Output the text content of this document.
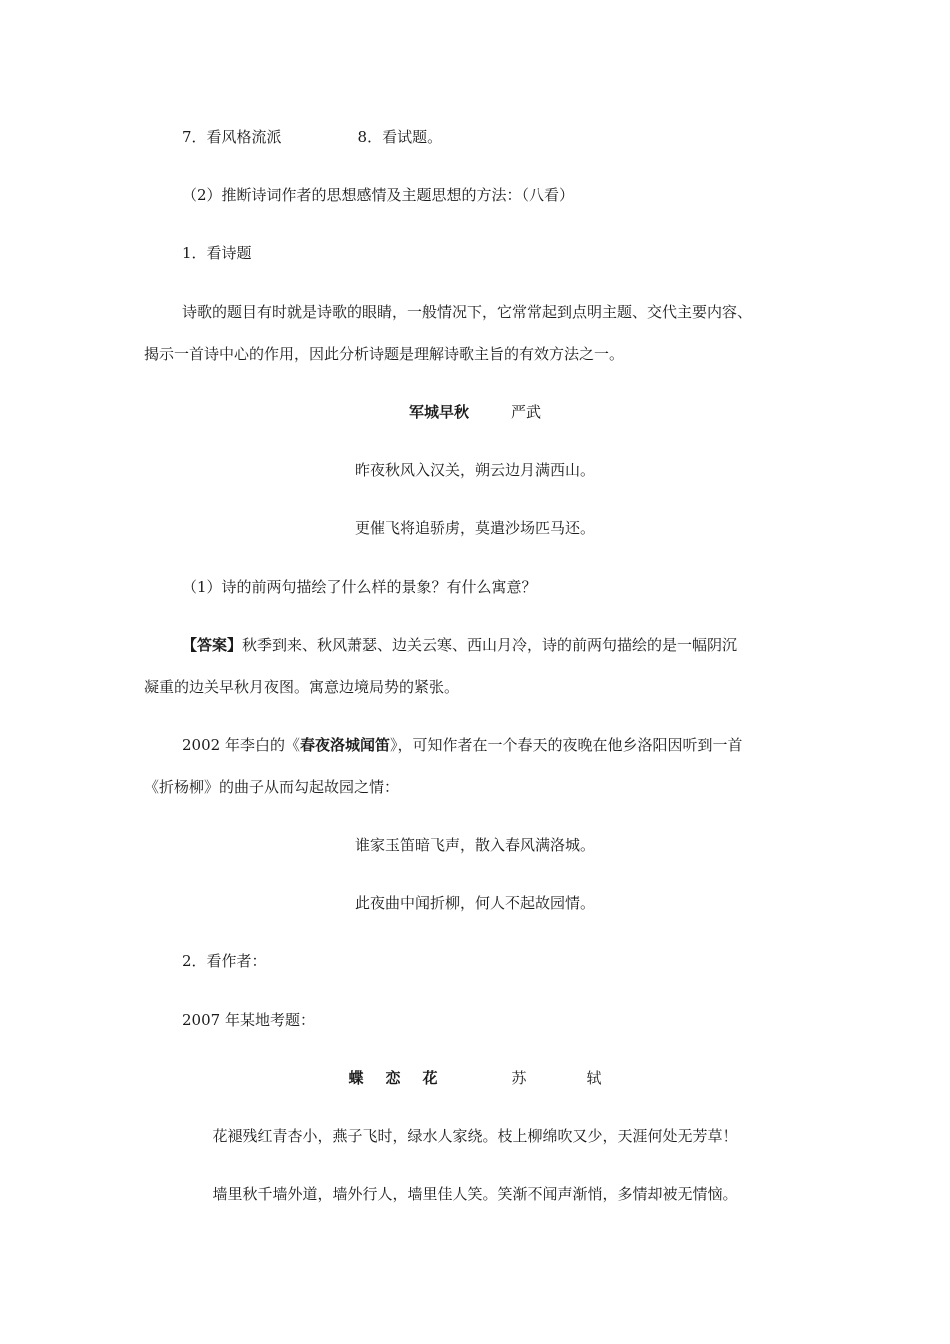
7．看风格流派	8．看试题。
（2）推断诗词作者的思想感情及主题思想的方法：（八看）
1．看诗题
诗歌的题目有时就是诗歌的眼睛，一般情况下，它常常起到点明主题、交代主要内容、
揭示一首诗中心的作用，因此分析诗题是理解诗歌主旨的有效方法之一。
军城早秋	严武
昨夜秋风入汉关，朔云边月满西山。
更催飞将追骄虏，莫遣沙场匹马还。
（1）诗的前两句描绘了什么样的景象？有什么寓意？
【答案】秋季到来、秋风萧瑟、边关云寒、西山月冷，诗的前两句描绘的是一幅阴沉
凝重的边关早秋月夜图。寓意边境局势的紧张。
2002 年李白的《春夜洛城闻笛》，可知作者在一个春天的夜晚在他乡洛阳因听到一首
《折杨柳》的曲子从而勾起故园之情：
谁家玉笛暗飞声，散入春风满洛城。
此夜曲中闻折柳，何人不起故园情。
2．看作者：
2007 年某地考题：
蝶 恋 花	苏	轼
花褪残红青杏小，燕子飞时，绿水人家绕。枝上柳绵吹又少，天涯何处无芳草！
墙里秋千墙外道，墙外行人，墙里佳人笑。笑渐不闻声渐悄，多情却被无情恼。
